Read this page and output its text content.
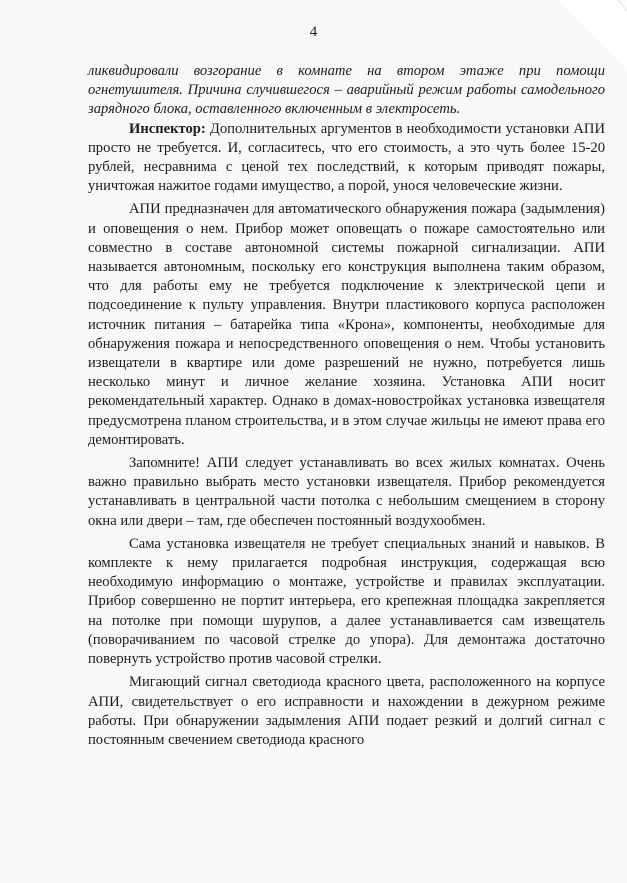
4

ликвидировали возгорание в комнате на втором этаже при помощи огнетушителя. Причина случившегося – аварийный режим работы самодельного зарядного блока, оставленного включенным в электросеть.

Инспектор: Дополнительных аргументов в необходимости установки АПИ просто не требуется. И, согласитесь, что его стоимость, а это чуть более 15-20 рублей, несравнима с ценой тех последствий, к которым приводят пожары, уничтожая нажитое годами имущество, а порой, унося человеческие жизни.

АПИ предназначен для автоматического обнаружения пожара (задымления) и оповещения о нем. Прибор может оповещать о пожаре самостоятельно или совместно в составе автономной системы пожарной сигнализации. АПИ называется автономным, поскольку его конструкция выполнена таким образом, что для работы ему не требуется подключение к электрической цепи и подсоединение к пульту управления. Внутри пластикового корпуса расположен источник питания – батарейка типа «Крона», компоненты, необходимые для обнаружения пожара и непосредственного оповещения о нем. Чтобы установить извещатели в квартире или доме разрешений не нужно, потребуется лишь несколько минут и личное желание хозяина. Установка АПИ носит рекомендательный характер. Однако в домах-новостройках установка извещателя предусмотрена планом строительства, и в этом случае жильцы не имеют права его демонтировать.

Запомните! АПИ следует устанавливать во всех жилых комнатах. Очень важно правильно выбрать место установки извещателя. Прибор рекомендуется устанавливать в центральной части потолка с небольшим смещением в сторону окна или двери – там, где обеспечен постоянный воздухообмен.

Сама установка извещателя не требует специальных знаний и навыков. В комплекте к нему прилагается подробная инструкция, содержащая всю необходимую информацию о монтаже, устройстве и правилах эксплуатации. Прибор совершенно не портит интерьера, его крепежная площадка закрепляется на потолке при помощи шурупов, а далее устанавливается сам извещатель (поворачиванием по часовой стрелке до упора). Для демонтажа достаточно повернуть устройство против часовой стрелки.

Мигающий сигнал светодиода красного цвета, расположенного на корпусе АПИ, свидетельствует о его исправности и нахождении в дежурном режиме работы. При обнаружении задымления АПИ подает резкий и долгий сигнал с постоянным свечением светодиода красного
